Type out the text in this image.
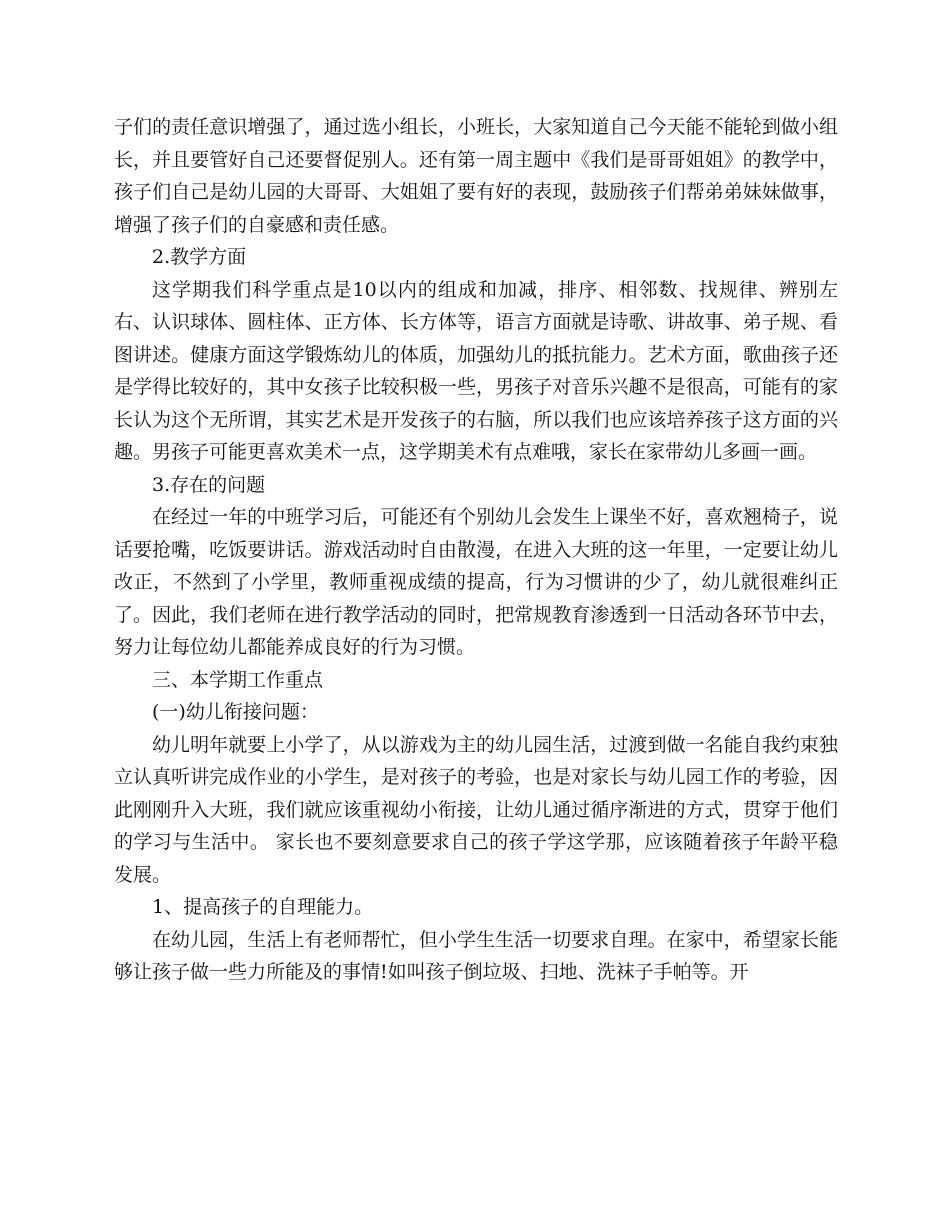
子们的责任意识增强了，通过选小组长，小班长，大家知道自己今天能不能轮到做小组长，并且要管好自己还要督促别人。还有第一周主题中《我们是哥哥姐姐》的教学中，孩子们自己是幼儿园的大哥哥、大姐姐了要有好的表现，鼓励孩子们帮弟弟妹妹做事，增强了孩子们的自豪感和责任感。

2.教学方面

这学期我们科学重点是10以内的组成和加减，排序、相邻数、找规律、辨别左右、认识球体、圆柱体、正方体、长方体等，语言方面就是诗歌、讲故事、弟子规、看图讲述。健康方面这学锻炼幼儿的体质，加强幼儿的抵抗能力。艺术方面，歌曲孩子还是学得比较好的，其中女孩子比较积极一些，男孩子对音乐兴趣不是很高，可能有的家长认为这个无所谓，其实艺术是开发孩子的右脑，所以我们也应该培养孩子这方面的兴趣。男孩子可能更喜欢美术一点，这学期美术有点难哦，家长在家带幼儿多画一画。

3.存在的问题

在经过一年的中班学习后，可能还有个别幼儿会发生上课坐不好，喜欢翘椅子，说话要抢嘴，吃饭要讲话。游戏活动时自由散漫，在进入大班的这一年里，一定要让幼儿改正，不然到了小学里，教师重视成绩的提高，行为习惯讲的少了，幼儿就很难纠正了。因此，我们老师在进行教学活动的同时，把常规教育渗透到一日活动各环节中去，努力让每位幼儿都能养成良好的行为习惯。

三、本学期工作重点

(一)幼儿衔接问题：

幼儿明年就要上小学了，从以游戏为主的幼儿园生活，过渡到做一名能自我约束独立认真听讲完成作业的小学生，是对孩子的考验，也是对家长与幼儿园工作的考验，因此刚刚升入大班，我们就应该重视幼小衔接，让幼儿通过循序渐进的方式，贯穿于他们的学习与生活中。 家长也不要刻意要求自己的孩子学这学那，应该随着孩子年龄平稳发展。

1、提高孩子的自理能力。

在幼儿园，生活上有老师帮忙，但小学生生活一切要求自理。在家中，希望家长能够让孩子做一些力所能及的事情!如叫孩子倒垃圾、扫地、洗袜子手帕等。开
